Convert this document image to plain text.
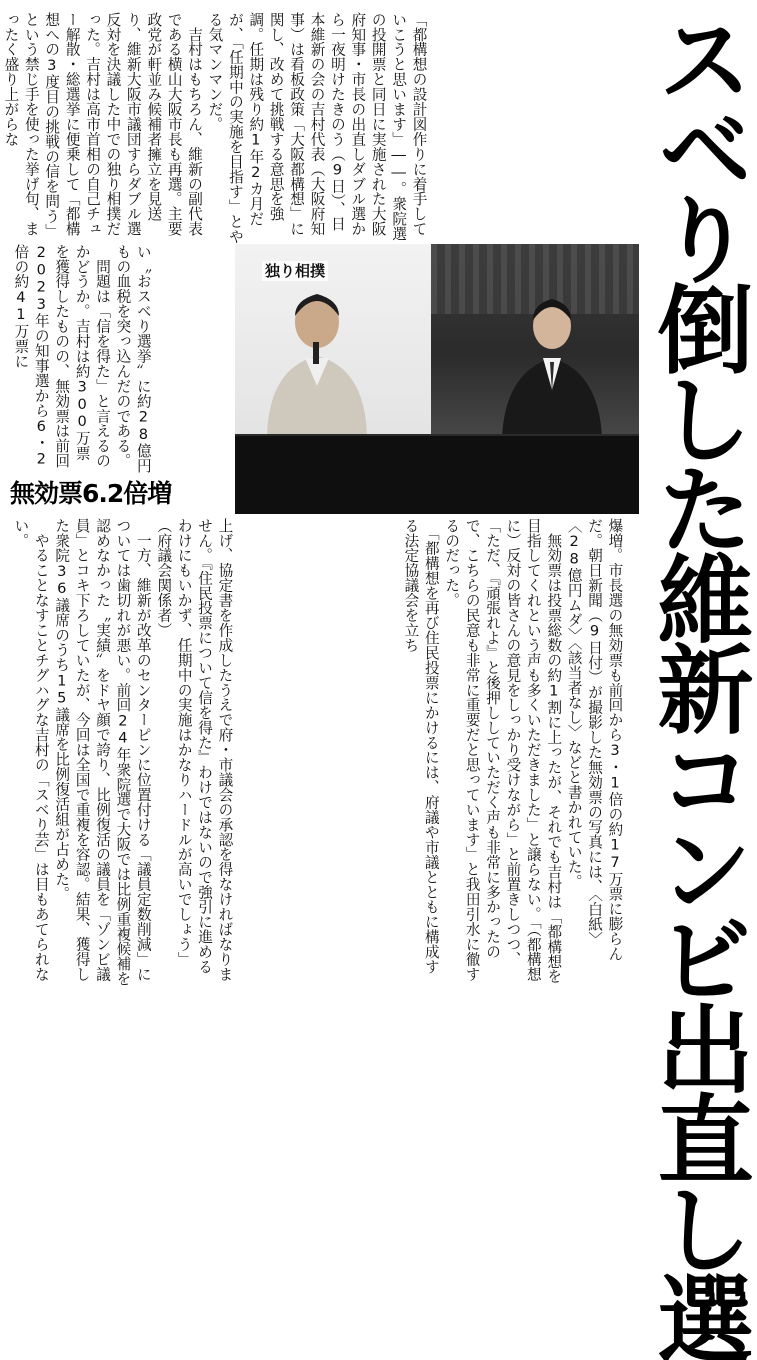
スベり倒した維新コンビ出直し選
「都構想の設計図作りに着手していこうと思います」――。衆院選の投開票と同日に実施された大阪府知事・市長の出直しダブル選から一夜明けたきのう（9日）、日本維新の会の吉村代表（大阪府知事）は看板政策「大阪都構想」に関し、改めて挑戦する意思を強調。任期は残り約1年2カ月だが、「任期中の実施を目指す」とやる気マンマンだ。
　吉村はもちろん、維新の副代表である横山大阪市長も再選。主要政党が軒並み候補者擁立を見送り、維新大阪市議団すらダブル選反対を決議した中での独り相撲だった。吉村は高市首相の自己チュー解散・総選挙に便乗して「都構想への3度目の挑戦の信を問う」という禁じ手を使った挙げ句、まったく盛り上がらな
い〝おスベり選挙〟に約28億円もの血税を突っ込んだのである。
　問題は「信を得た」と言えるのかどうか。吉村は約300万票を獲得したものの、無効票は前回2023年の知事選から6・2倍の約41万票に
無効票6.2倍増
独り相撲
爆増。市長選の無効票も前回から3・1倍の約17万票に膨らんだ。朝日新聞（9日付）が撮影した無効票の写真には、〈白紙〉〈28億円ムダ〉〈該当者なし〉などと書かれていた。
　無効票は投票総数の約1割に上ったが、それでも吉村は「都構想を目指してくれという声も多くいただきました」と譲らない。「（都構想に）反対の皆さんの意見をしっかり受けながら」と前置きしつつ、「ただ、『頑張れよ』と後押ししていただく声も非常に多かったので、こちらの民意も非常に重要だと思っています」と我田引水に徹するのだった。
　「都構想を再び住民投票にかけるには、府議や市議とともに構成する法定協議会を立ち
上げ、協定書を作成したうえで府・市議会の承認を得なければなりません。『住民投票について信を得た』わけではないので強引に進めるわけにもいかず、任期中の実施はかなりハードルが高いでしょう」（府議会関係者）
　一方、維新が改革のセンターピンに位置付ける「議員定数削減」については歯切れが悪い。前回24年衆院選で大阪では比例重複候補を認めなかった〝実績〟をドヤ顔で誇り、比例復活の議員を「ゾンビ議員」とコキ下ろしていたが、今回は全国で重複を容認。結果、獲得した衆院36議席のうち15議席を比例復活組が占めた。
　やることなすことチグハグな吉村の「スベり芸」は目もあてられない。
